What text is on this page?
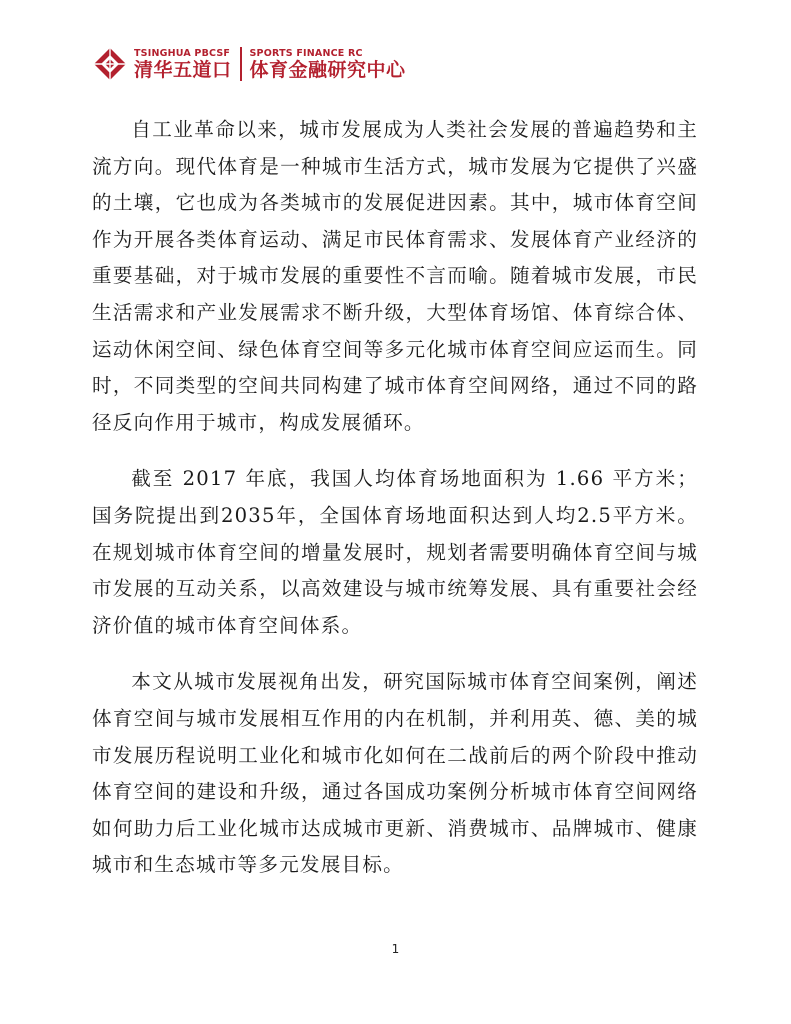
TSINGHUA PBCSF
清华五道口
SPORTS FINANCE RC
体育金融研究中心

自工业革命以来，城市发展成为人类社会发展的普遍趋势和主流方向。现代体育是一种城市生活方式，城市发展为它提供了兴盛的土壤，它也成为各类城市的发展促进因素。其中，城市体育空间作为开展各类体育运动、满足市民体育需求、发展体育产业经济的重要基础，对于城市发展的重要性不言而喻。随着城市发展，市民生活需求和产业发展需求不断升级，大型体育场馆、体育综合体、运动休闲空间、绿色体育空间等多元化城市体育空间应运而生。同时，不同类型的空间共同构建了城市体育空间网络，通过不同的路径反向作用于城市，构成发展循环。

截至 2017 年底，我国人均体育场地面积为 1.66 平方米；国务院提出到2035年，全国体育场地面积达到人均2.5平方米。在规划城市体育空间的增量发展时，规划者需要明确体育空间与城市发展的互动关系，以高效建设与城市统筹发展、具有重要社会经济价值的城市体育空间体系。

本文从城市发展视角出发，研究国际城市体育空间案例，阐述体育空间与城市发展相互作用的内在机制，并利用英、德、美的城市发展历程说明工业化和城市化如何在二战前后的两个阶段中推动体育空间的建设和升级，通过各国成功案例分析城市体育空间网络如何助力后工业化城市达成城市更新、消费城市、品牌城市、健康城市和生态城市等多元发展目标。

1
